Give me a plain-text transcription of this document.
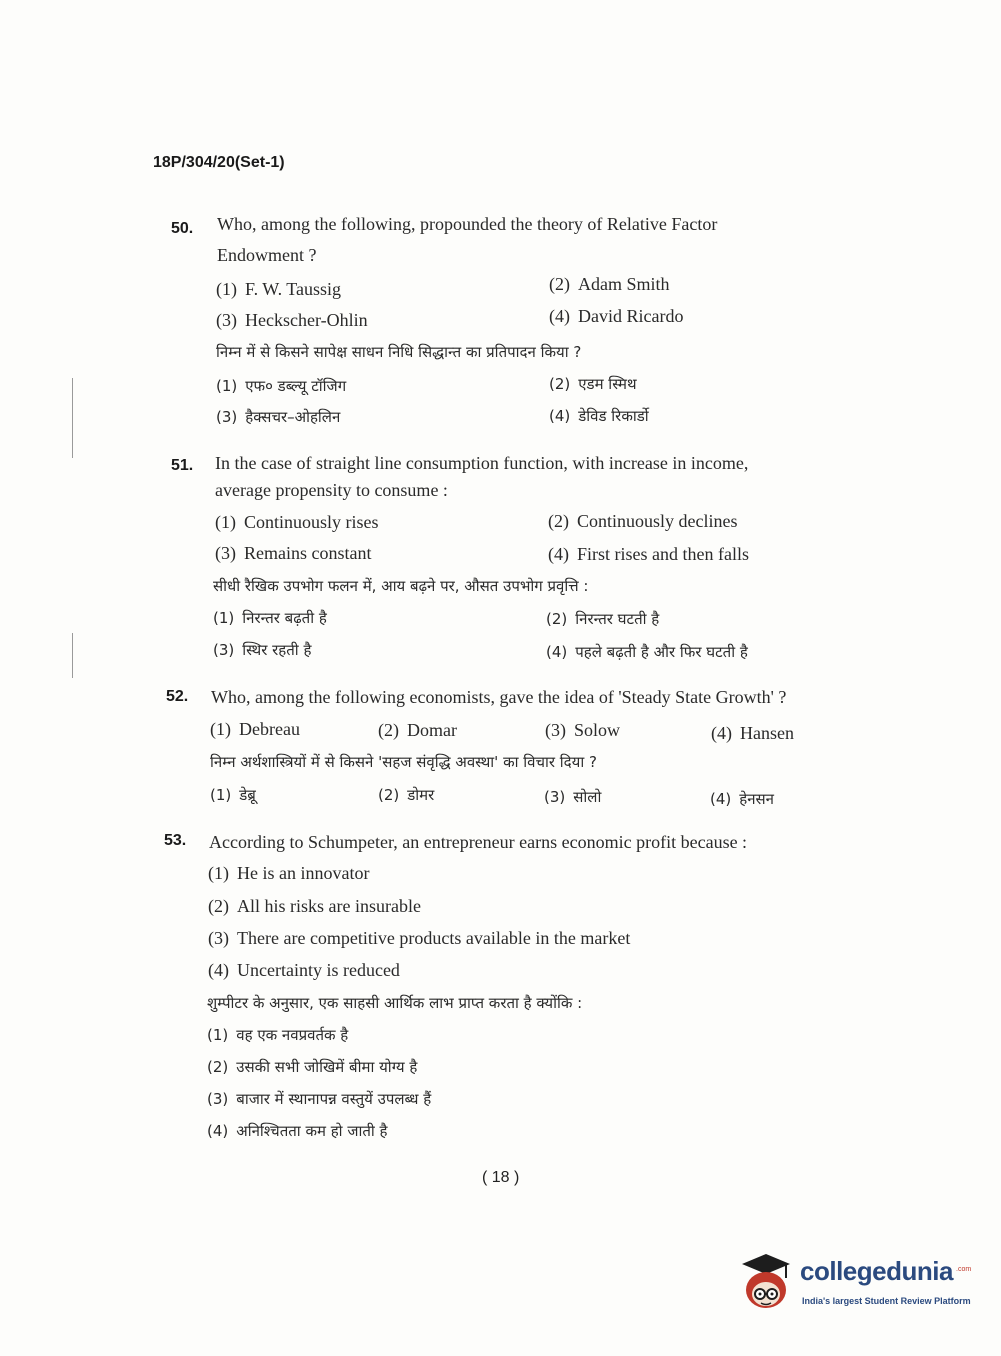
18P/304/20(Set-1)
50. Who, among the following, propounded the theory of Relative Factor
Endowment ?
(1) F. W. Taussig	(2) Adam Smith
(3) Heckscher-Ohlin	(4) David Ricardo
निम्न में से किसने सापेक्ष साधन निधि सिद्धान्त का प्रतिपादन किया ?
(1) एफ० डब्ल्यू टॉजिग	(2) एडम स्मिथ
(3) हैक्सचर–ओहलिन	(4) डेविड रिकार्डो
51. In the case of straight line consumption function, with increase in income,
average propensity to consume :
(1) Continuously rises	(2) Continuously declines
(3) Remains constant	(4) First rises and then falls
सीधी रैखिक उपभोग फलन में, आय बढ़ने पर, औसत उपभोग प्रवृत्ति :
(1) निरन्तर बढ़ती है	(2) निरन्तर घटती है
(3) स्थिर रहती है	(4) पहले बढ़ती है और फिर घटती है
52. Who, among the following economists, gave the idea of 'Steady State Growth' ?
(1) Debreau	(2) Domar	(3) Solow	(4) Hansen
निम्न अर्थशास्त्रियों में से किसने 'सहज संवृद्धि अवस्था' का विचार दिया ?
(1) डेब्रू	(2) डोमर	(3) सोलो	(4) हेनसन
53. According to Schumpeter, an entrepreneur earns economic profit because :
(1) He is an innovator
(2) All his risks are insurable
(3) There are competitive products available in the market
(4) Uncertainty is reduced
शुम्पीटर के अनुसार, एक साहसी आर्थिक लाभ प्राप्त करता है क्योंकि :
(1) वह एक नवप्रवर्तक है
(2) उसकी सभी जोखिमें बीमा योग्य है
(3) बाजार में स्थानापन्न वस्तुयें उपलब्ध हैं
(4) अनिश्चितता कम हो जाती है
( 18 )
collegedunia .com
India's largest Student Review Platform
